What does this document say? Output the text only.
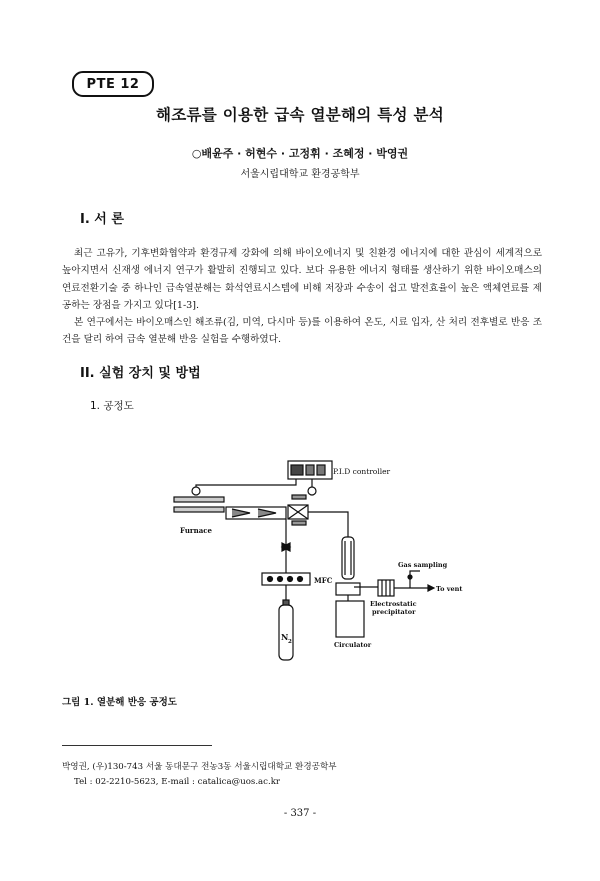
PTE 12
해조류를 이용한 급속 열분해의 특성 분석
○배윤주 · 허현수 · 고정휘 · 조혜정 · 박영권
서울시립대학교 환경공학부
I. 서 론

최근 고유가, 기후변화협약과 환경규제 강화에 의해 바이오에너지 및 친환경 에너지에 대한 관심이 세계적으로 높아지면서 신재생 에너지 연구가 활발히 진행되고 있다. 보다 유용한 에너지 형태를 생산하기 위한 바이오매스의 연료전환기술 중 하나인 급속열분해는 화석연료시스템에 비해 저장과 수송이 쉽고 발전효율이 높은 액체연료를 제공하는 장점을 가지고 있다[1-3].

본 연구에서는 바이오매스인 해조류(김, 미역, 다시마 등)를 이용하여 온도, 시료 입자, 산 처리 전후별로 반응 조건을 달리 하여 급속 열분해 반응 실험을 수행하였다.

II. 실험 장치 및 방법
1. 공정도
P.I.D controller
Furnace
MFC
N 2
Gas sampling
To vent
Electrostatic
precipitator
Circulator
그림 1. 열분해 반응 공정도
박영권, (우)130-743 서울 동대문구 전농3동 서울시립대학교 환경공학부
Tel : 02-2210-5623, E-mail : catalica@uos.ac.kr
- 337 -
